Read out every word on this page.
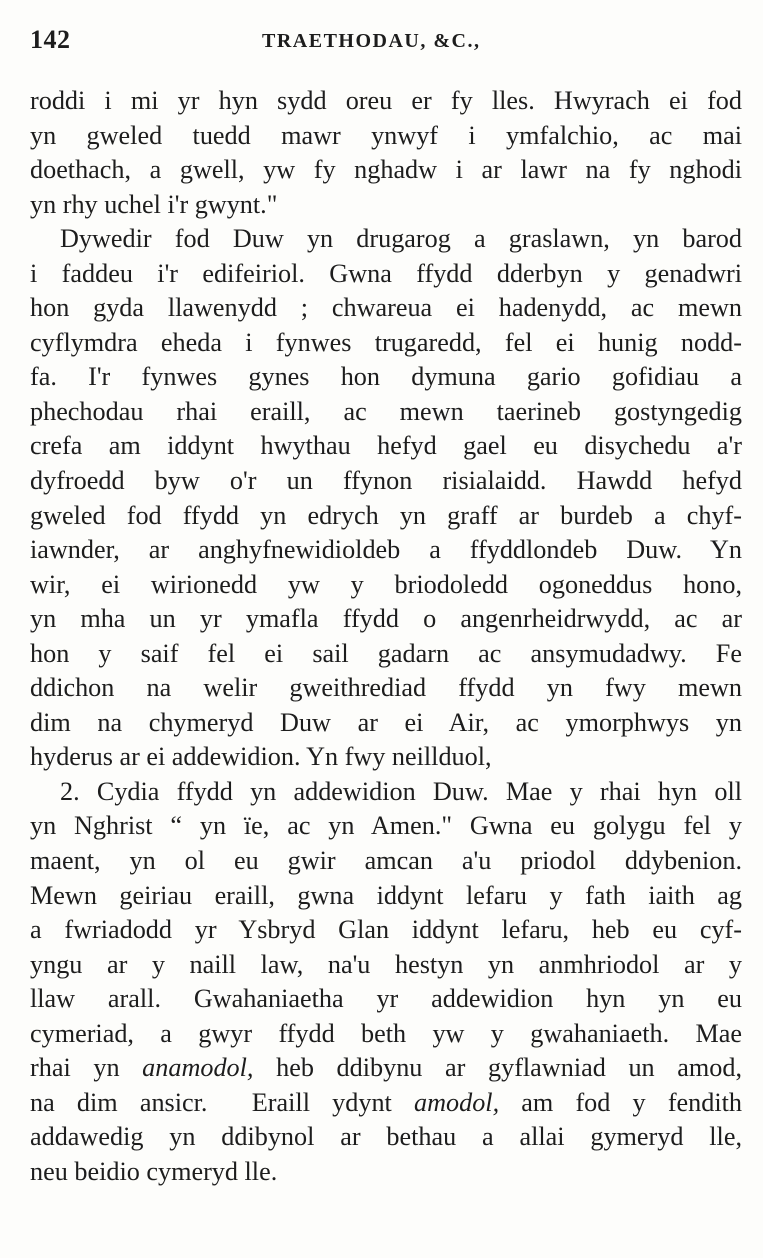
142	TRAETHODAU, &C.,
roddi i mi yr hyn sydd oreu er fy lles. Hwyrach ei fod
yn gweled tuedd mawr ynwyf i ymfalchio, ac mai
doethach, a gwell, yw fy nghadw i ar lawr na fy nghodi
yn rhy uchel i'r gwynt."
Dywedir fod Duw yn drugarog a graslawn, yn barod
i faddeu i'r edifeiriol. Gwna ffydd dderbyn y genadwri
hon gyda llawenydd ; chwareua ei hadenydd, ac mewn
cyflymdra eheda i fynwes trugaredd, fel ei hunig nodd-
fa. I'r fynwes gynes hon dymuna gario gofidiau a
phechodau rhai eraill, ac mewn taerineb gostyngedig
crefa am iddynt hwythau hefyd gael eu disychedu a'r
dyfroedd byw o'r un ffynon risialaidd. Hawdd hefyd
gweled fod ffydd yn edrych yn graff ar burdeb a chyf-
iawnder, ar anghyfnewidioldeb a ffyddlondeb Duw. Yn
wir, ei wirionedd yw y briodoledd ogoneddus hono,
yn mha un yr ymafla ffydd o angenrheidrwydd, ac ar
hon y saif fel ei sail gadarn ac ansymudadwy. Fe
ddichon na welir gweithrediad ffydd yn fwy mewn
dim na chymeryd Duw ar ei Air, ac ymorphwys yn
hyderus ar ei addewidion. Yn fwy neillduol,
2. Cydia ffydd yn addewidion Duw. Mae y rhai hyn oll
yn Nghrist “ yn ïe, ac yn Amen." Gwna eu golygu fel y
maent, yn ol eu gwir amcan a'u priodol ddybenion.
Mewn geiriau eraill, gwna iddynt lefaru y fath iaith ag
a fwriadodd yr Ysbryd Glan iddynt lefaru, heb eu cyf-
yngu ar y naill law, na'u hestyn yn anmhriodol ar y
llaw arall. Gwahaniaetha yr addewidion hyn yn eu
cymeriad, a gwyr ffydd beth yw y gwahaniaeth. Mae
rhai yn anamodol, heb ddibynu ar gyflawniad un amod,
na dim ansicr.  Eraill ydynt amodol, am fod y fendith
addawedig yn ddibynol ar bethau a allai gymeryd lle,
neu beidio cymeryd lle.
